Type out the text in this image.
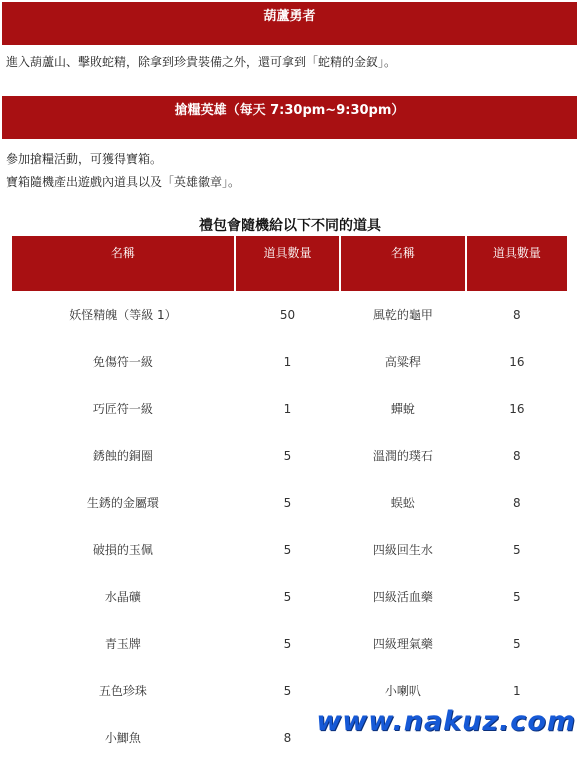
葫蘆勇者
進入葫蘆山、擊敗蛇精，除拿到珍貴裝備之外，還可拿到「蛇精的金釵」。
搶糧英雄（每天 7:30pm~9:30pm）
參加搶糧活動，可獲得寶箱。
寶箱隨機產出遊戲內道具以及「英雄徽章」。
禮包會隨機給以下不同的道具
名稱	道具數量	名稱	道具數量
妖怪精魄（等級 1）	50	風乾的龜甲	8
免傷符一級	1	高粱稈	16
巧匠符一級	1	蟬蛻	16
銹蝕的銅圈	5	溫潤的璞石	8
生銹的金屬環	5	蜈蚣	8
破損的玉佩	5	四級回生水	5
水晶礦	5	四級活血藥	5
青玉牌	5	四級理氣藥	5
五色珍珠	5	小喇叭	1
小鯽魚	8		
www.nakuz.com
